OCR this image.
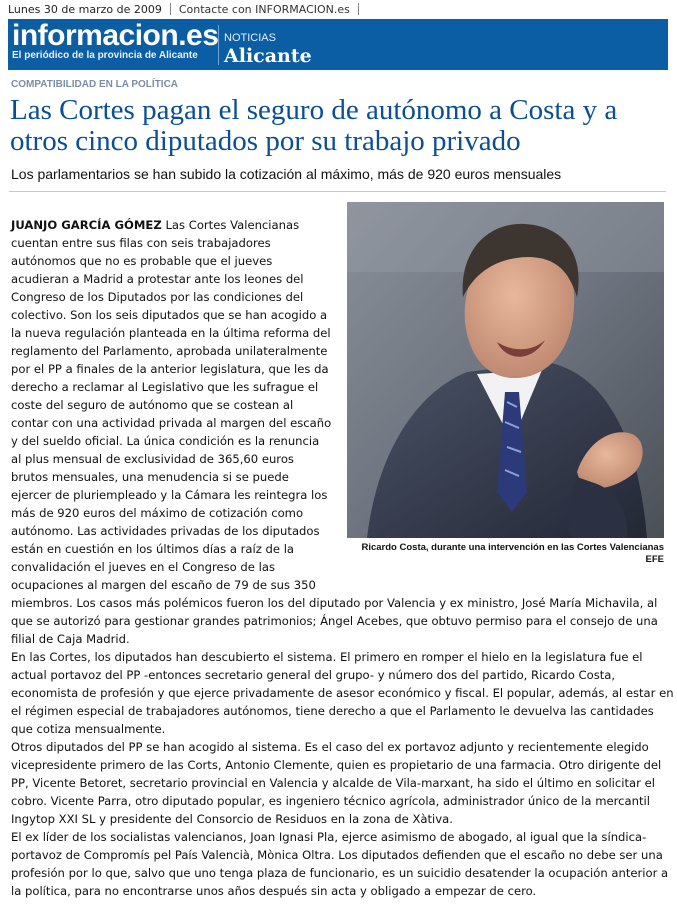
Lunes 30 de marzo de 2009 Contacte con INFORMACION.es
informacion.es
El periódico de la provincia de Alicante
NOTICIAS
Alicante
COMPATIBILIDAD EN LA POLÍTICA
Las Cortes pagan el seguro de autónomo a Costa y a otros cinco diputados por su trabajo privado
Los parlamentarios se han subido la cotización al máximo, más de 920 euros mensuales
Ricardo Costa, durante una intervención en las Cortes Valencianas EFE
JUANJO GARCÍA GÓMEZ Las Cortes Valencianas
cuentan entre sus filas con seis trabajadores
autónomos que no es probable que el jueves
acudieran a Madrid a protestar ante los leones del
Congreso de los Diputados por las condiciones del
colectivo. Son los seis diputados que se han acogido a
la nueva regulación planteada en la última reforma del
reglamento del Parlamento, aprobada unilateralmente
por el PP a finales de la anterior legislatura, que les da
derecho a reclamar al Legislativo que les sufrague el
coste del seguro de autónomo que se costean al
contar con una actividad privada al margen del escaño
y del sueldo oficial. La única condición es la renuncia
al plus mensual de exclusividad de 365,60 euros
brutos mensuales, una menudencia si se puede
ejercer de pluriempleado y la Cámara les reintegra los
más de 920 euros del máximo de cotización como
autónomo. Las actividades privadas de los diputados
están en cuestión en los últimos días a raíz de la
convalidación el jueves en el Congreso de las
ocupaciones al margen del escaño de 79 de sus 350
miembros. Los casos más polémicos fueron los del diputado por Valencia y ex ministro, José María Michavila, al
que se autorizó para gestionar grandes patrimonios; Ángel Acebes, que obtuvo permiso para el consejo de una
filial de Caja Madrid.
En las Cortes, los diputados han descubierto el sistema. El primero en romper el hielo en la legislatura fue el
actual portavoz del PP -entonces secretario general del grupo- y número dos del partido, Ricardo Costa,
economista de profesión y que ejerce privadamente de asesor económico y fiscal. El popular, además, al estar en
el régimen especial de trabajadores autónomos, tiene derecho a que el Parlamento le devuelva las cantidades
que cotiza mensualmente.
Otros diputados del PP se han acogido al sistema. Es el caso del ex portavoz adjunto y recientemente elegido
vicepresidente primero de las Corts, Antonio Clemente, quien es propietario de una farmacia. Otro dirigente del
PP, Vicente Betoret, secretario provincial en Valencia y alcalde de Vila-marxant, ha sido el último en solicitar el
cobro. Vicente Parra, otro diputado popular, es ingeniero técnico agrícola, administrador único de la mercantil
Ingytop XXI SL y presidente del Consorcio de Residuos en la zona de Xàtiva.
El ex líder de los socialistas valencianos, Joan Ignasi Pla, ejerce asimismo de abogado, al igual que la síndica-
portavoz de Compromís pel País Valencià, Mònica Oltra. Los diputados defienden que el escaño no debe ser una
profesión por lo que, salvo que uno tenga plaza de funcionario, es un suicidio desatender la ocupación anterior a
la política, para no encontrarse unos años después sin acta y obligado a empezar de cero.
